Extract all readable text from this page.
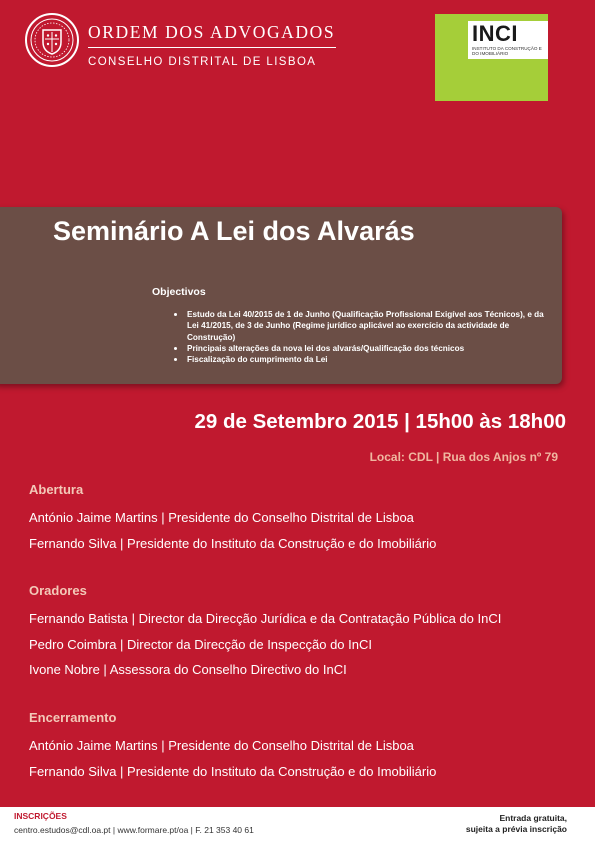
ORDEM DOS ADVOGADOS
CONSELHO DISTRITAL DE LISBOA
INCI
INSTITUTO DA CONSTRUÇÃO E DO IMOBILIÁRIO
Seminário A Lei dos Alvarás
Objectivos
Estudo da Lei 40/2015 de 1 de Junho (Qualificação Profissional Exigível aos Técnicos), e da Lei 41/2015, de 3 de Junho (Regime jurídico aplicável ao exercício da actividade de Construção)
Principais alterações da nova lei dos alvarás/Qualificação dos técnicos
Fiscalização do cumprimento da Lei
29 de Setembro 2015 | 15h00 às 18h00
Local: CDL | Rua dos Anjos nº 79
Abertura
António Jaime Martins | Presidente do Conselho Distrital de Lisboa
Fernando Silva | Presidente do Instituto da Construção e do Imobiliário
Oradores
Fernando Batista | Director da Direcção Jurídica e da Contratação Pública do InCI
Pedro Coimbra | Director da Direcção de Inspecção do InCI
Ivone Nobre | Assessora do Conselho Directivo do InCI
Encerramento
António Jaime Martins | Presidente do Conselho Distrital de Lisboa
Fernando Silva | Presidente do Instituto da Construção e do Imobiliário
INSCRIÇÕES
centro.estudos@cdl.oa.pt | www.formare.pt/oa | F. 21 353 40 61
Entrada gratuita,
sujeita a prévia inscrição
